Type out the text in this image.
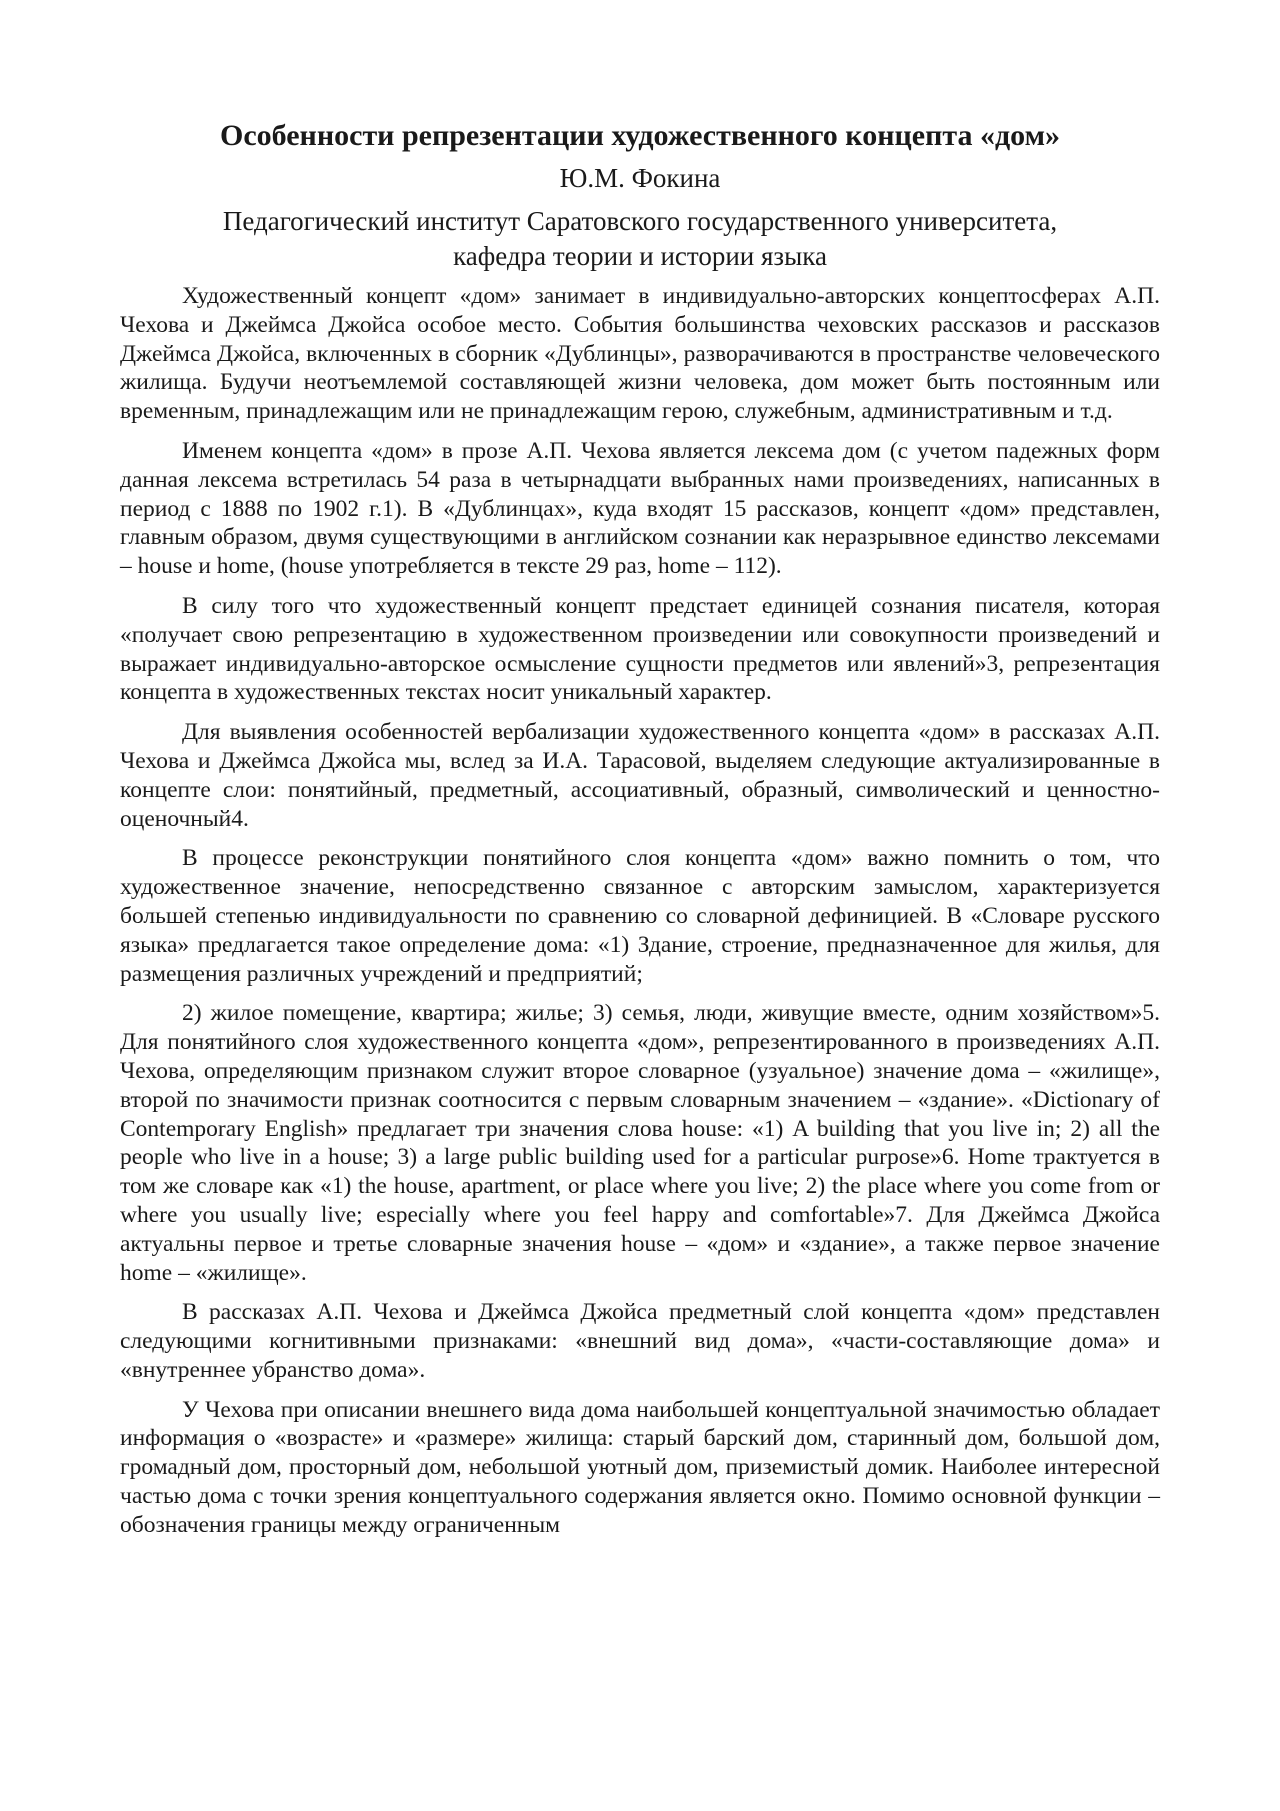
Особенности репрезентации художественного концепта «дом»
Ю.М. Фокина
Педагогический институт Саратовского государственного университета,
кафедра теории и истории языка

Художественный концепт «дом» занимает в индивидуально-авторских концептосферах А.П. Чехова и Джеймса Джойса особое место. События большинства чеховских рассказов и рассказов Джеймса Джойса, включенных в сборник «Дублинцы», разворачиваются в пространстве человеческого жилища. Будучи неотъемлемой составляющей жизни человека, дом может быть постоянным или временным, принадлежащим или не принадлежащим герою, служебным, административным и т.д.

Именем концепта «дом» в прозе А.П. Чехова является лексема дом (с учетом падежных форм данная лексема встретилась 54 раза в четырнадцати выбранных нами произведениях, написанных в период с 1888 по 1902 г.1). В «Дублинцах», куда входят 15 рассказов, концепт «дом» представлен, главным образом, двумя существующими в английском сознании как неразрывное единство лексемами – house и home, (house употребляется в тексте 29 раз, home – 112).

В силу того что художественный концепт предстает единицей сознания писателя, которая «получает свою репрезентацию в художественном произведении или совокупности произведений и выражает индивидуально-авторское осмысление сущности предметов или явлений»3, репрезентация концепта в художественных текстах носит уникальный характер.

Для выявления особенностей вербализации художественного концепта «дом» в рассказах А.П. Чехова и Джеймса Джойса мы, вслед за И.А. Тарасовой, выделяем следующие актуализированные в концепте слои: понятийный, предметный, ассоциативный, образный, символический и ценностно-оценочный4.

В процессе реконструкции понятийного слоя концепта «дом» важно помнить о том, что художественное значение, непосредственно связанное с авторским замыслом, характеризуется большей степенью индивидуальности по сравнению со словарной дефиницией. В «Словаре русского языка» предлагается такое определение дома: «1) Здание, строение, предназначенное для жилья, для размещения различных учреждений и предприятий;

2) жилое помещение, квартира; жилье; 3) семья, люди, живущие вместе, одним хозяйством»5. Для понятийного слоя художественного концепта «дом», репрезентированного в произведениях А.П. Чехова, определяющим признаком служит второе словарное (узуальное) значение дома – «жилище», второй по значимости признак соотносится с первым словарным значением – «здание». «Dictionary of Contemporary English» предлагает три значения слова house: «1) A building that you live in; 2) all the people who live in a house; 3) a large public building used for a particular purpose»6. Home трактуется в том же словаре как «1) the house, apartment, or place where you live; 2) the place where you come from or where you usually live; especially where you feel happy and comfortable»7. Для Джеймса Джойса актуальны первое и третье словарные значения house – «дом» и «здание», а также первое значение home – «жилище».

В рассказах А.П. Чехова и Джеймса Джойса предметный слой концепта «дом» представлен следующими когнитивными признаками: «внешний вид дома», «части-составляющие дома» и «внутреннее убранство дома».

У Чехова при описании внешнего вида дома наибольшей концептуальной значимостью обладает информация о «возрасте» и «размере» жилища: старый барский дом, старинный дом, большой дом, громадный дом, просторный дом, небольшой уютный дом, приземистый домик. Наиболее интересной частью дома с точки зрения концептуального содержания является окно. Помимо основной функции – обозначения границы между ограниченным
